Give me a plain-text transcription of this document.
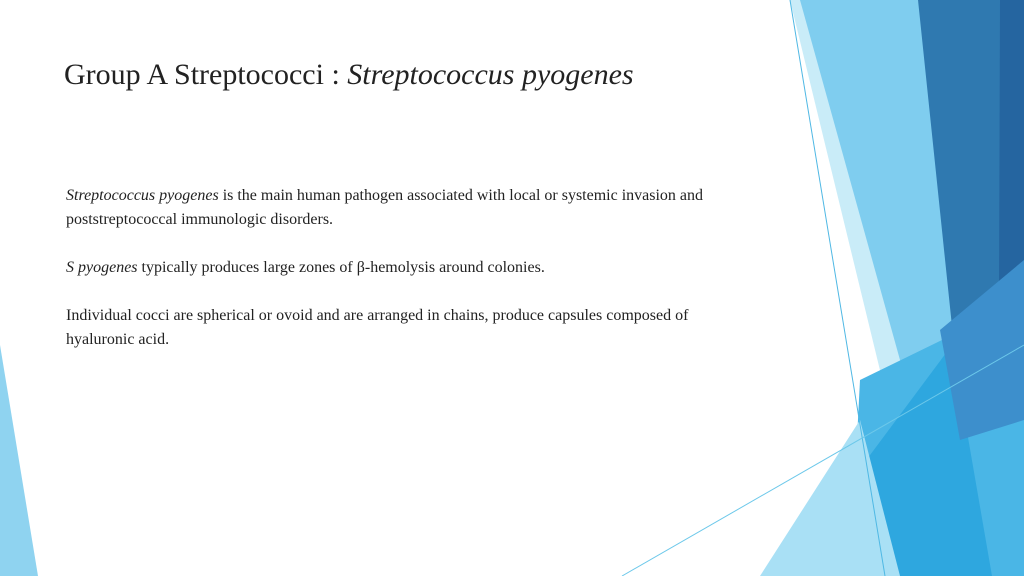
Group A Streptococci : Streptococcus pyogenes

Streptococcus pyogenes is the main human pathogen associated with local or systemic invasion and poststreptococcal immunologic disorders.

S pyogenes typically produces large zones of β-hemolysis around colonies.

Individual cocci are spherical or ovoid and are arranged in chains, produce capsules composed of hyaluronic acid.
